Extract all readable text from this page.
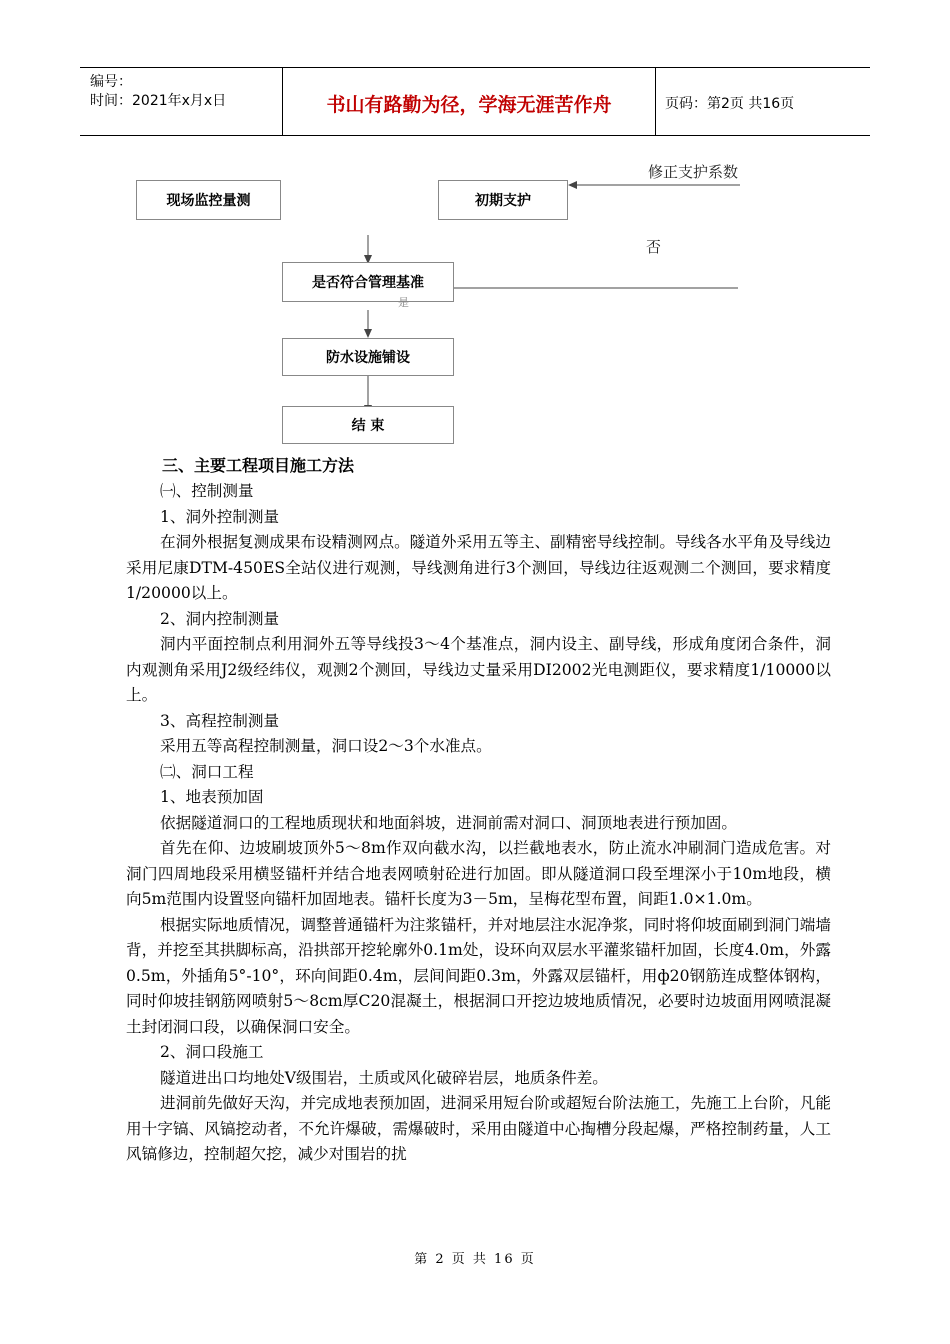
编号：
时间：2021年x月x日	书山有路勤为径，学海无涯苦作舟	页码：第2页 共16页
现场监控量测	初期支护
是否符合管理基准
防水设施铺设
结 束
修正支护系数
否
是

三、主要工程项目施工方法

㈠、控制测量

1、洞外控制测量

在洞外根据复测成果布设精测网点。隧道外采用五等主、副精密导线控制。导线各水平角及导线边采用尼康DTM-450ES全站仪进行观测，导线测角进行3个测回，导线边往返观测二个测回，要求精度1/20000以上。

2、洞内控制测量

洞内平面控制点利用洞外五等导线投3～4个基准点，洞内设主、副导线，形成角度闭合条件，洞内观测角采用J2级经纬仪，观测2个测回，导线边丈量采用DI2002光电测距仪，要求精度1/10000以上。

3、高程控制测量

采用五等高程控制测量，洞口设2～3个水准点。

㈡、洞口工程

1、地表预加固

依据隧道洞口的工程地质现状和地面斜坡，进洞前需对洞口、洞顶地表进行预加固。

首先在仰、边坡刷坡顶外5～8m作双向截水沟，以拦截地表水，防止流水冲刷洞门造成危害。对洞门四周地段采用横竖锚杆并结合地表网喷射砼进行加固。即从隧道洞口段至埋深小于10m地段，横向5m范围内设置竖向锚杆加固地表。锚杆长度为3－5m，呈梅花型布置，间距1.0×1.0m。

根据实际地质情况，调整普通锚杆为注浆锚杆，并对地层注水泥净浆，同时将仰坡面刷到洞门端墙背，并挖至其拱脚标高，沿拱部开挖轮廓外0.1m处，设环向双层水平灌浆锚杆加固，长度4.0m，外露0.5m，外插角5°-10°，环向间距0.4m，层间间距0.3m，外露双层锚杆，用ф20钢筋连成整体钢构，同时仰坡挂钢筋网喷射5～8cm厚C20混凝土，根据洞口开挖边坡地质情况，必要时边坡面用网喷混凝土封闭洞口段，以确保洞口安全。

2、洞口段施工

隧道进出口均地处Ⅴ级围岩，土质或风化破碎岩层，地质条件差。

进洞前先做好天沟，并完成地表预加固，进洞采用短台阶或超短台阶法施工，先施工上台阶，凡能用十字镐、风镐挖动者，不允许爆破，需爆破时，采用由隧道中心掏槽分段起爆，严格控制药量，人工风镐修边，控制超欠挖，减少对围岩的扰

第 2 页 共 16 页
